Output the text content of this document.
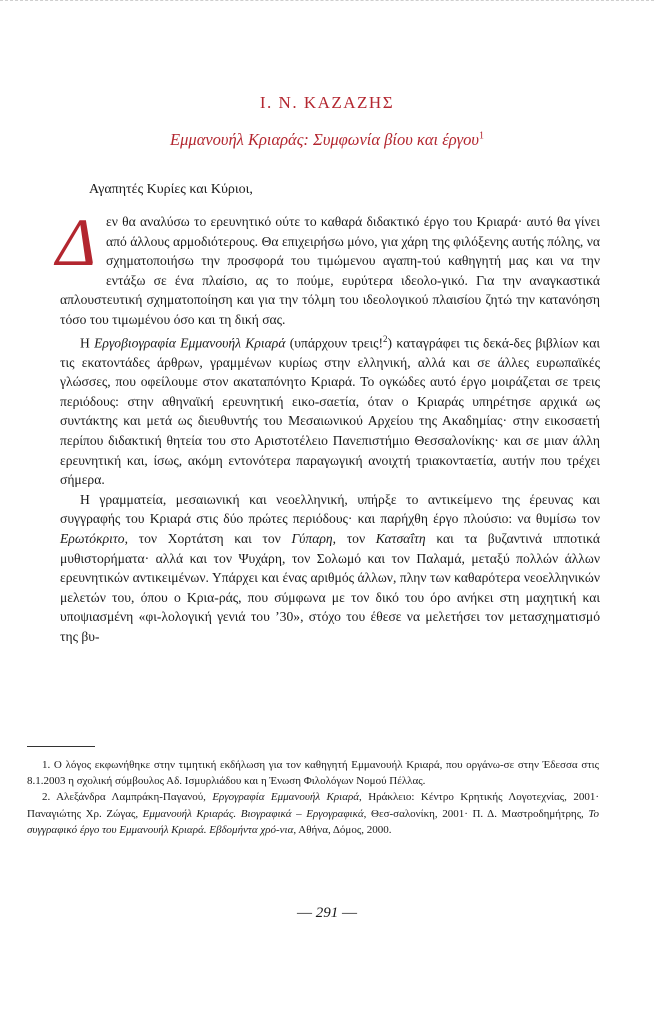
Ι. Ν. ΚΑΖΑΖΗΣ
Εμμανουήλ Κριαράς: Συμφωνία βίου και έργου$^1$
Αγαπητές Κυρίες και Κύριοι,

Δεν θα αναλύσω το ερευνητικό ούτε το καθαρά διδακτικό έργο του Κριαρά· αυτό θα γίνει από άλλους αρμοδιότερους. Θα επιχειρήσω μόνο, για χάρη της φιλόξενης αυτής πόλης, να σχηματοποιήσω την προσφορά του τιμώμενου αγαπη-τού καθηγητή μας και να την εντάξω σε ένα πλαίσιο, ας το πούμε, ευρύτερα ιδεολο-γικό. Για την αναγκαστικά απλουστευτική σχηματοποίηση και για την τόλμη του ιδεολογικού πλαισίου ζητώ την κατανόηση τόσο του τιμωμένου όσο και τη δική σας.

Η Εργοβιογραφία Εμμανουήλ Κριαρά (υπάρχουν τρεις!$^2$) καταγράφει τις δεκά-δες βιβλίων και τις εκατοντάδες άρθρων, γραμμένων κυρίως στην ελληνική, αλλά και σε άλλες ευρωπαϊκές γλώσσες, που οφείλουμε στον ακαταπόνητο Κριαρά. Το ογκώδες αυτό έργο μοιράζεται σε τρεις περιόδους: στην αθηναϊκή ερευνητική εικο-σαετία, όταν ο Κριαράς υπηρέτησε αρχικά ως συντάκτης και μετά ως διευθυντής του Μεσαιωνικού Αρχείου της Ακαδημίας· στην εικοσαετή περίπου διδακτική θητεία του στο Αριστοτέλειο Πανεπιστήμιο Θεσσαλονίκης· και σε μιαν άλλη ερευνητική και, ίσως, ακόμη εντονότερα παραγωγική ανοιχτή τριακονταετία, αυτήν που τρέχει σήμερα.

Η γραμματεία, μεσαιωνική και νεοελληνική, υπήρξε το αντικείμενο της έρευνας και συγγραφής του Κριαρά στις δύο πρώτες περιόδους· και παρήχθη έργο πλούσιο: να θυμίσω τον Ερωτόκριτο, τον Χορτάτση και τον Γύπαρη, τον Κατσαΐτη και τα βυζαντινά ιπποτικά μυθιστορήματα· αλλά και τον Ψυχάρη, τον Σολωμό και τον Παλαμά, μεταξύ πολλών άλλων ερευνητικών αντικειμένων. Υπάρχει και ένας αριθμός άλλων, πλην των καθαρότερα νεοελληνικών μελετών του, όπου ο Κρια-ράς, που σύμφωνα με τον δικό του όρο ανήκει στη μαχητική και υποψιασμένη «φι-λολογική γενιά του ’30», στόχο του έθεσε να μελετήσει τον μετασχηματισμό της βυ-

1. Ο λόγος εκφωνήθηκε στην τιμητική εκδήλωση για τον καθηγητή Εμμανουήλ Κριαρά, που οργάνω-σε στην Έδεσσα στις 8.1.2003 η σχολική σύμβουλος Αδ. Ισμυρλιάδου και η Ένωση Φιλολόγων Νομού Πέλλας.

2. Αλεξάνδρα Λαμπράκη-Παγανού, Εργογραφία Εμμανουήλ Κριαρά, Ηράκλειο: Κέντρο Κρητικής Λογοτεχνίας, 2001· Παναγιώτης Χρ. Ζώγας, Εμμανουήλ Κριαράς. Βιογραφικά – Εργογραφικά, Θεσ-σαλονίκη, 2001· Π. Δ. Μαστροδημήτρης, Το συγγραφικό έργο του Εμμανουήλ Κριαρά. Εβδομήντα χρό-νια, Αθήνα, Δόμος, 2000.

— 291 —
